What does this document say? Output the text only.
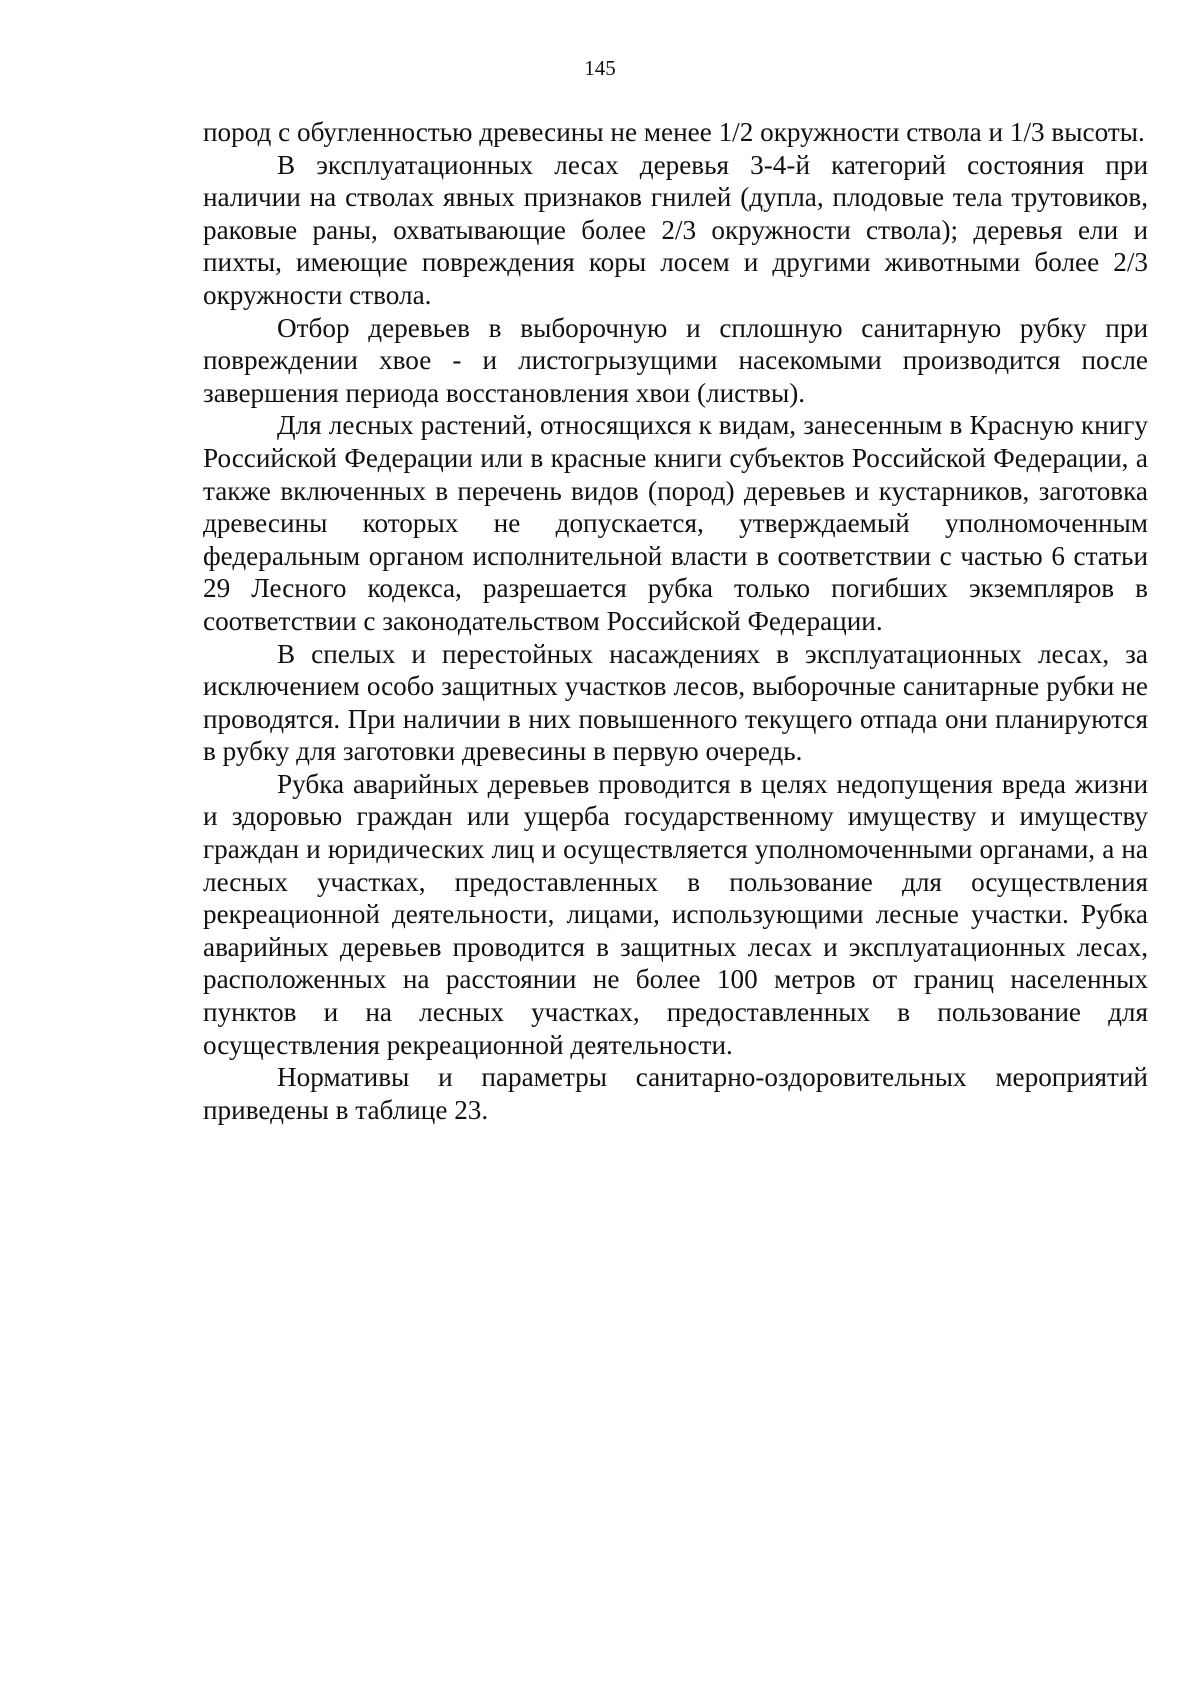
145

пород с обугленностью древесины не менее 1/2 окружности ствола и 1/3 высоты.

В эксплуатационных лесах деревья 3-4-й категорий состояния при наличии на стволах явных признаков гнилей (дупла, плодовые тела трутовиков, раковые раны, охватывающие более 2/3 окружности ствола); деревья ели и пихты, имеющие повреждения коры лосем и другими животными более 2/3 окружности ствола.

Отбор деревьев в выборочную и сплошную санитарную рубку при повреждении хвое - и листогрызущими насекомыми производится после завершения периода восстановления хвои (листвы).

Для лесных растений, относящихся к видам, занесенным в Красную книгу Российской Федерации или в красные книги субъектов Российской Федерации, а также включенных в перечень видов (пород) деревьев и кустарников, заготовка древесины которых не допускается, утверждаемый уполномоченным федеральным органом исполнительной власти в соответствии с частью 6 статьи 29 Лесного кодекса, разрешается рубка только погибших экземпляров в соответствии с законодательством Российской Федерации.

В спелых и перестойных насаждениях в эксплуатационных лесах, за исключением особо защитных участков лесов, выборочные санитарные рубки не проводятся. При наличии в них повышенного текущего отпада они планируются в рубку для заготовки древесины в первую очередь.

Рубка аварийных деревьев проводится в целях недопущения вреда жизни и здоровью граждан или ущерба государственному имуществу и имуществу граждан и юридических лиц и осуществляется уполномоченными органами, а на лесных участках, предоставленных в пользование для осуществления рекреационной деятельности, лицами, использующими лесные участки. Рубка аварийных деревьев проводится в защитных лесах и эксплуатационных лесах, расположенных на расстоянии не более 100 метров от границ населенных пунктов и на лесных участках, предоставленных в пользование для осуществления рекреационной деятельности.

Нормативы и параметры санитарно-оздоровительных мероприятий приведены в таблице 23.
